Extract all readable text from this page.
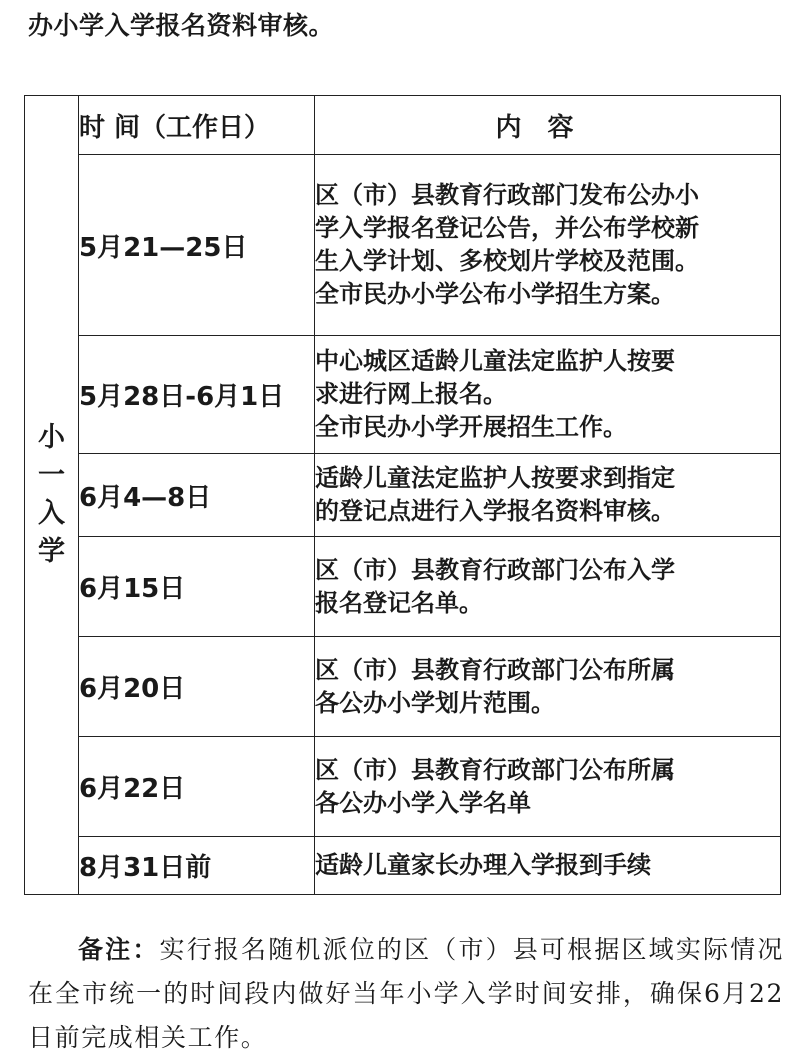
办小学入学报名资料审核。
小
一
入
学	时 间（工作日）	内容
	5月21—25日	区（市）县教育行政部门发布公办小
学入学报名登记公告，并公布学校新
生入学计划、多校划片学校及范围。
全市民办小学公布小学招生方案。

	5月28日-6月1日	中心城区适龄儿童法定监护人按要
求进行网上报名。
全市民办小学开展招生工作。

	6月4—8日	适龄儿童法定监护人按要求到指定
的登记点进行入学报名资料审核。

	6月15日	区（市）县教育行政部门公布入学
报名登记名单。

	6月20日	区（市）县教育行政部门公布所属
各公办小学划片范围。

	6月22日	区（市）县教育行政部门公布所属
各公办小学入学名单

	8月31日前	适龄儿童家长办理入学报到手续

备注：实行报名随机派位的区（市）县可根据区域实际情况在全市统一的时间段内做好当年小学入学时间安排，确保6月22日前完成相关工作。
